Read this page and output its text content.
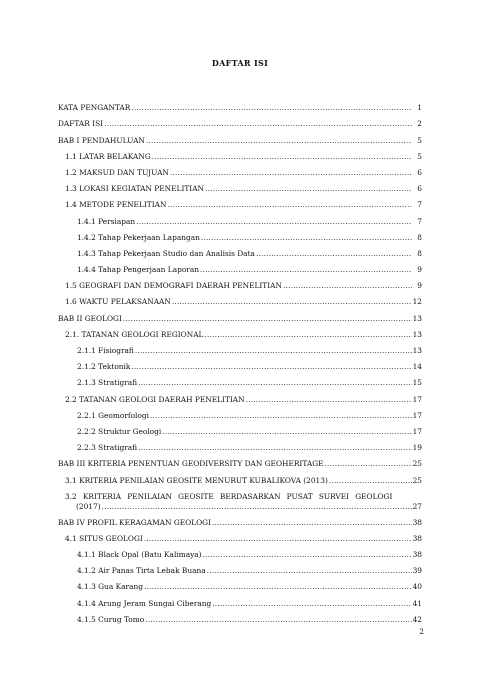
DAFTAR ISI
KATA PENGANTAR .....	1
DAFTAR ISI .....	2
BAB I PENDAHULUAN .....	5
1.1 LATAR BELAKANG .....	5
1.2 MAKSUD DAN TUJUAN .....	6
1.3 LOKASI KEGIATAN PENELITIAN .....	6
1.4 METODE PENELITIAN .....	7
1.4.1 Persiapan .....	7
1.4.2 Tahap Pekerjaan Lapangan .....	8
1.4.3 Tahap Pekerjaan Studio dan Analisis Data .....	8
1.4.4 Tahap Pengerjaan Laporan .....	9
1.5 GEOGRAFI DAN DEMOGRAFI DAERAH PENELITIAN .....	9
1.6 WAKTU PELAKSANAAN .....	12
BAB II GEOLOGI .....	13
2.1. TATANAN GEOLOGI REGIONAL .....	13
2.1.1 Fisiografi .....	13
2.1.2 Tektonik .....	14
2.1.3 Stratigrafi .....	15
2.2 TATANAN GEOLOGI DAERAH PENELITIAN .....	17
2.2.1 Geomorfologi .....	17
2.2.2 Struktur Geologi .....	17
2.2.3 Stratigrafi .....	19
BAB III KRITERIA PENENTUAN GEODIVERSITY DAN GEOHERITAGE .....	25
3.1 KRITERIA PENILAIAN GEOSITE MENURUT KUBALIKOVA (2013) .....	25
3.2 KRITERIA PENILAIAN GEOSITE BERDASARKAN PUSAT SURVEI GEOLOGI
(2017) .....	27
BAB IV PROFIL KERAGAMAN GEOLOGI .....	38
4.1 SITUS GEOLOGI .....	38
4.1.1 Black Opal (Batu Kalimaya) .....	38
4.1.2 Air Panas Tirta Lebak Buana .....	39
4.1.3 Gua Karang .....	40
4.1.4 Arung Jeram Sungai Ciberang .....	41
4.1.5 Curug Tomo .....	42
2
